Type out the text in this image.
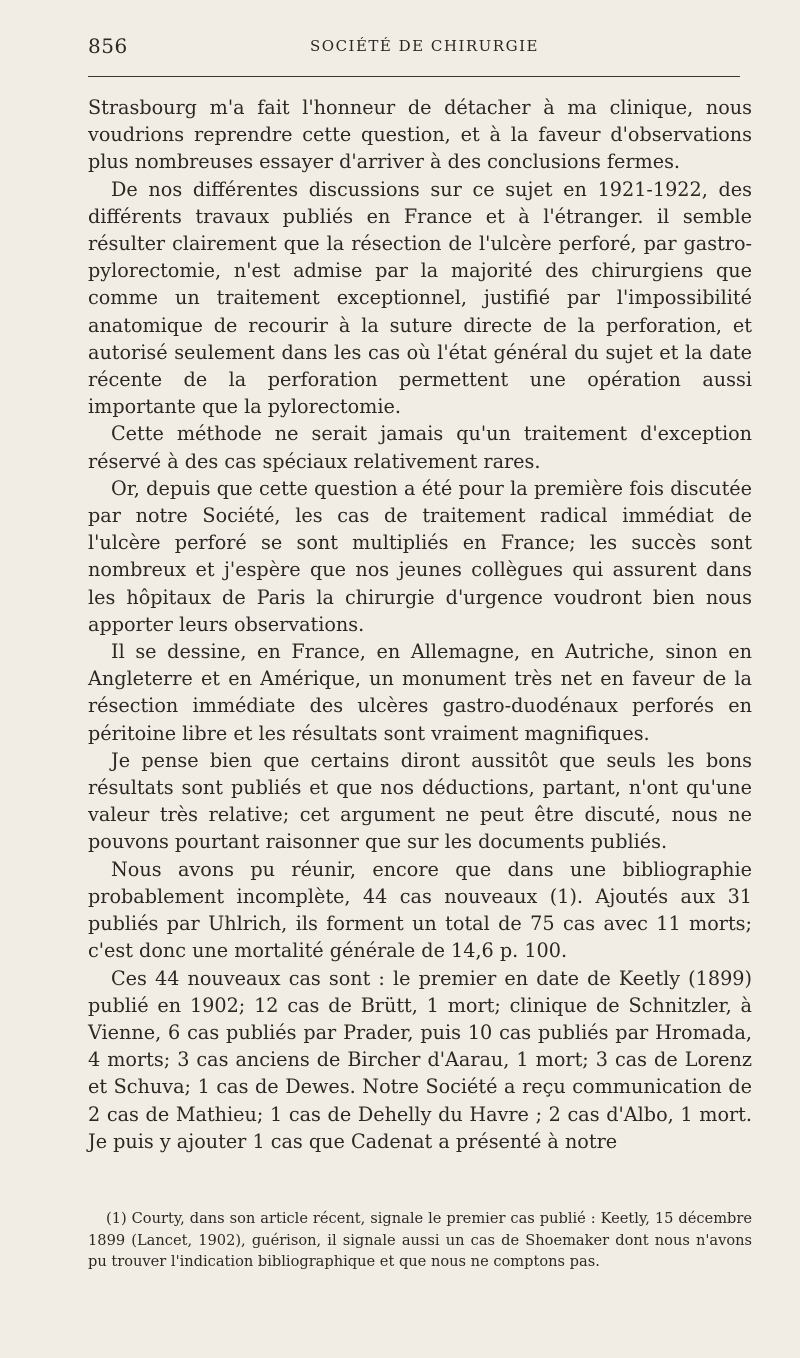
856	SOCIÉTÉ DE CHIRURGIE

Strasbourg m'a fait l'honneur de détacher à ma clinique, nous voudrions reprendre cette question, et à la faveur d'observations plus nombreuses essayer d'arriver à des conclusions fermes.

De nos différentes discussions sur ce sujet en 1921-1922, des différents travaux publiés en France et à l'étranger. il semble résulter clairement que la résection de l'ulcère perforé, par gastro-pylorectomie, n'est admise par la majorité des chirurgiens que comme un traitement exceptionnel, justifié par l'impossibilité anatomique de recourir à la suture directe de la perforation, et autorisé seulement dans les cas où l'état général du sujet et la date récente de la perforation permettent une opération aussi importante que la pylorectomie.

Cette méthode ne serait jamais qu'un traitement d'exception réservé à des cas spéciaux relativement rares.

Or, depuis que cette question a été pour la première fois discutée par notre Société, les cas de traitement radical immédiat de l'ulcère perforé se sont multipliés en France; les succès sont nombreux et j'espère que nos jeunes collègues qui assurent dans les hôpitaux de Paris la chirurgie d'urgence voudront bien nous apporter leurs observations.

Il se dessine, en France, en Allemagne, en Autriche, sinon en Angleterre et en Amérique, un monument très net en faveur de la résection immédiate des ulcères gastro-duodénaux perforés en péritoine libre et les résultats sont vraiment magnifiques.

Je pense bien que certains diront aussitôt que seuls les bons résultats sont publiés et que nos déductions, partant, n'ont qu'une valeur très relative; cet argument ne peut être discuté, nous ne pouvons pourtant raisonner que sur les documents publiés.

Nous avons pu réunir, encore que dans une bibliographie probablement incomplète, 44 cas nouveaux (1). Ajoutés aux 31 publiés par Uhlrich, ils forment un total de 75 cas avec 11 morts; c'est donc une mortalité générale de 14,6 p. 100.

Ces 44 nouveaux cas sont : le premier en date de Keetly (1899) publié en 1902; 12 cas de Brütt, 1 mort; clinique de Schnitzler, à Vienne, 6 cas publiés par Prader, puis 10 cas publiés par Hromada, 4 morts; 3 cas anciens de Bircher d'Aarau, 1 mort; 3 cas de Lorenz et Schuva; 1 cas de Dewes. Notre Société a reçu communication de 2 cas de Mathieu; 1 cas de Dehelly du Havre ; 2 cas d'Albo, 1 mort. Je puis y ajouter 1 cas que Cadenat a présenté à notre

(1) Courty, dans son article récent, signale le premier cas publié : Keetly, 15 décembre 1899 (Lancet, 1902), guérison, il signale aussi un cas de Shoemaker dont nous n'avons pu trouver l'indication bibliographique et que nous ne comptons pas.
